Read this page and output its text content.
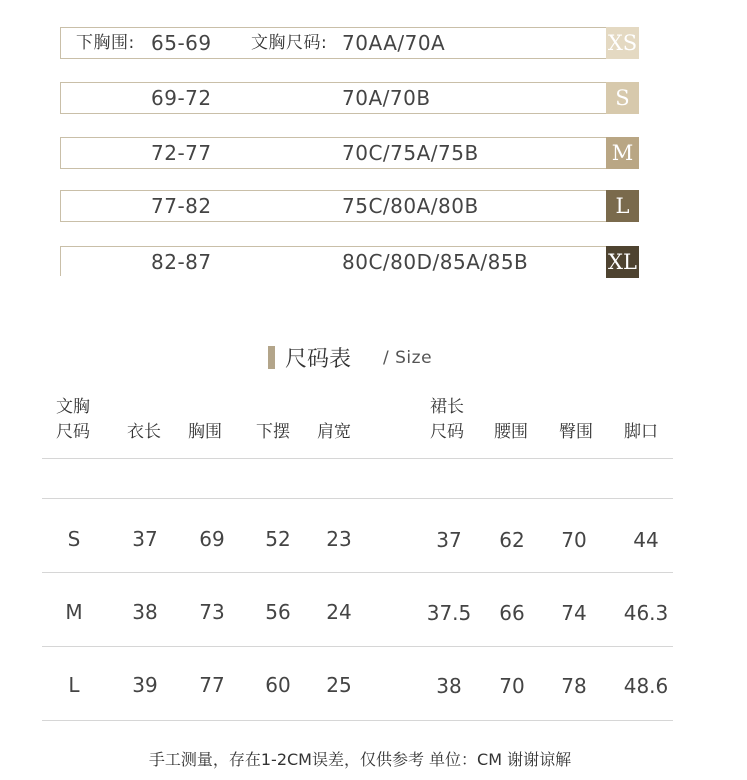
下胸围: 65-69 文胸尺码: 70AA/70A	XS
69-72	70A/70B	S
72-77	70C/75A/75B	M
77-82	75C/80A/80B	L
82-87	80C/80D/85A/85B	XL
尺码表 / Size
文胸
尺码 衣长 胸围 下摆 肩宽
裙长
尺码 腰围 臀围 脚口
S	37 69 52 23	37 62 70 44
M 38 73 56 24	37.5 66 74 46.3
L	39 77 60 25	38 70 78 48.6
手工测量，存在1-2CM误差，仅供参考 单位：CM 谢谢谅解
